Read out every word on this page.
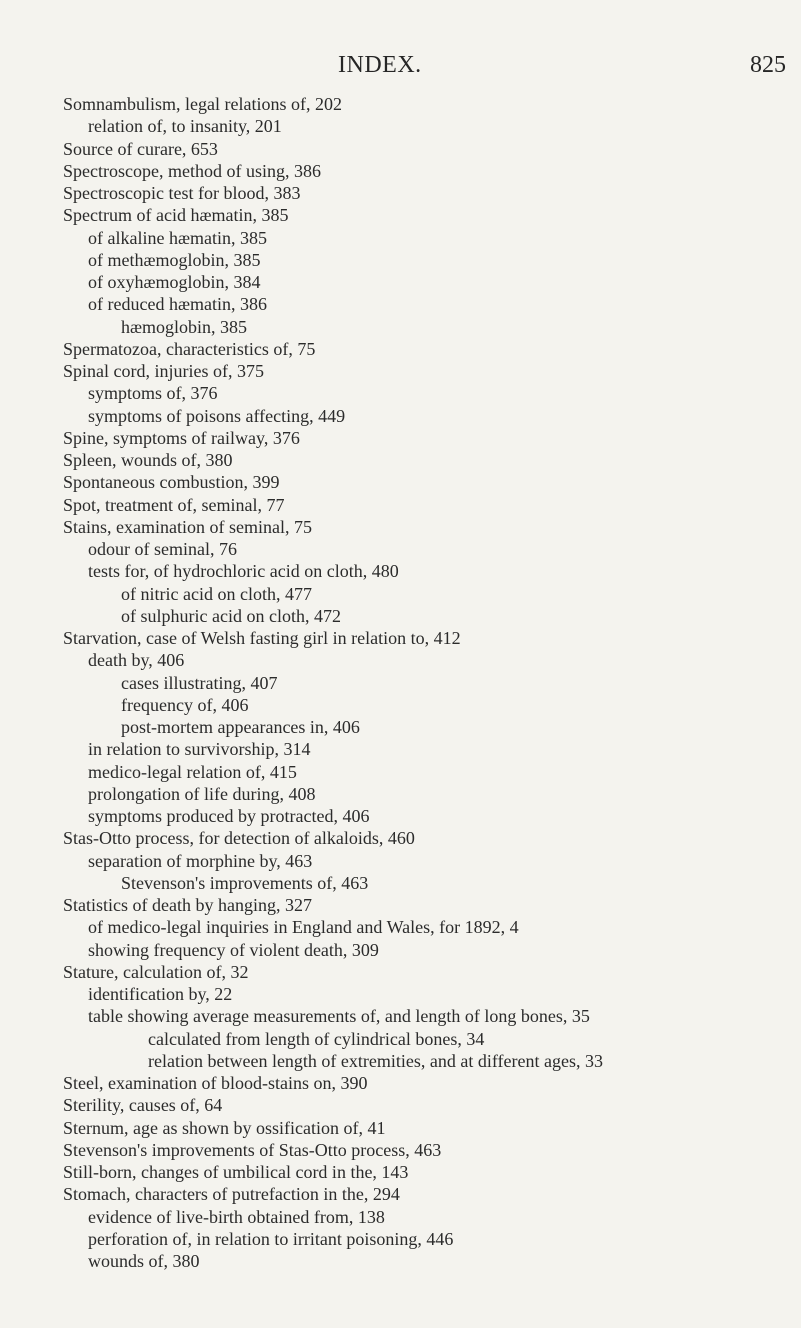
INDEX.	825
Somnambulism, legal relations of, 202
relation of, to insanity, 201
Source of curare, 653
Spectroscope, method of using, 386
Spectroscopic test for blood, 383
Spectrum of acid hæmatin, 385
of alkaline hæmatin, 385
of methæmoglobin, 385
of oxyhæmoglobin, 384
of reduced hæmatin, 386
hæmoglobin, 385
Spermatozoa, characteristics of, 75
Spinal cord, injuries of, 375
symptoms of, 376
symptoms of poisons affecting, 449
Spine, symptoms of railway, 376
Spleen, wounds of, 380
Spontaneous combustion, 399
Spot, treatment of, seminal, 77
Stains, examination of seminal, 75
odour of seminal, 76
tests for, of hydrochloric acid on cloth, 480
of nitric acid on cloth, 477
of sulphuric acid on cloth, 472
Starvation, case of Welsh fasting girl in relation to, 412
death by, 406
cases illustrating, 407
frequency of, 406
post-mortem appearances in, 406
in relation to survivorship, 314
medico-legal relation of, 415
prolongation of life during, 408
symptoms produced by protracted, 406
Stas-Otto process, for detection of alkaloids, 460
separation of morphine by, 463
Stevenson's improvements of, 463
Statistics of death by hanging, 327
of medico-legal inquiries in England and Wales, for 1892, 4
showing frequency of violent death, 309
Stature, calculation of, 32
identification by, 22
table showing average measurements of, and length of long bones, 35
calculated from length of cylindrical bones, 34
relation between length of extremities, and at different ages, 33
Steel, examination of blood-stains on, 390
Sterility, causes of, 64
Sternum, age as shown by ossification of, 41
Stevenson's improvements of Stas-Otto process, 463
Still-born, changes of umbilical cord in the, 143
Stomach, characters of putrefaction in the, 294
evidence of live-birth obtained from, 138
perforation of, in relation to irritant poisoning, 446
wounds of, 380
